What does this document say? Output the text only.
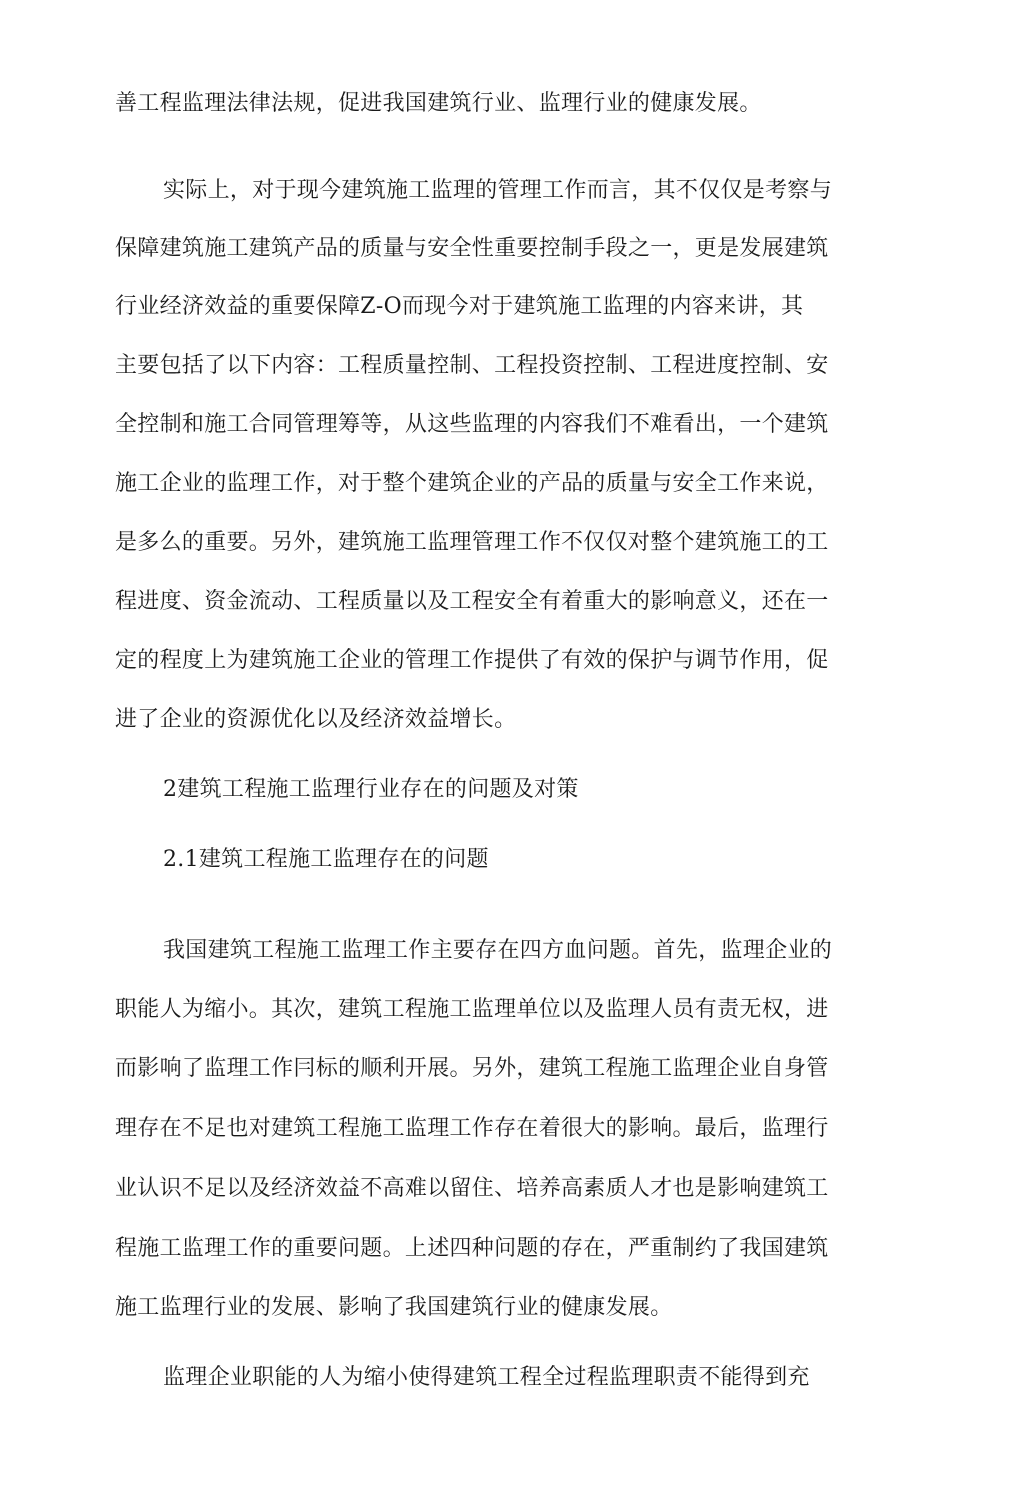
善工程监理法律法规，促进我国建筑行业、监理行业的健康发展。
实际上，对于现今建筑施工监理的管理工作而言，其不仅仅是考察与
保障建筑施工建筑产品的质量与安全性重要控制手段之一，更是发展建筑
行业经济效益的重要保障Z-O而现今对于建筑施工监理的内容来讲，其
主要包括了以下内容：工程质量控制、工程投资控制、工程进度控制、安
全控制和施工合同管理筹等，从这些监理的内容我们不难看出，一个建筑
施工企业的监理工作，对于整个建筑企业的产品的质量与安全工作来说，
是多么的重要。另外，建筑施工监理管理工作不仅仅对整个建筑施工的工
程进度、资金流动、工程质量以及工程安全有着重大的影响意义，还在一
定的程度上为建筑施工企业的管理工作提供了有效的保护与调节作用，促
进了企业的资源优化以及经济效益增长。
2建筑工程施工监理行业存在的问题及对策
2.1建筑工程施工监理存在的问题
我国建筑工程施工监理工作主要存在四方血问题。首先，监理企业的
职能人为缩小。其次，建筑工程施工监理单位以及监理人员有责无权，进
而影响了监理工作冃标的顺利开展。另外，建筑工程施工监理企业自身管
理存在不足也对建筑工程施工监理工作存在着很大的影响。最后，监理行
业认识不足以及经济效益不高难以留住、培养高素质人才也是影响建筑工
程施工监理工作的重要问题。上述四种问题的存在，严重制约了我国建筑
施工监理行业的发展、影响了我国建筑行业的健康发展。
监理企业职能的人为缩小使得建筑工程全过程监理职责不能得到充
